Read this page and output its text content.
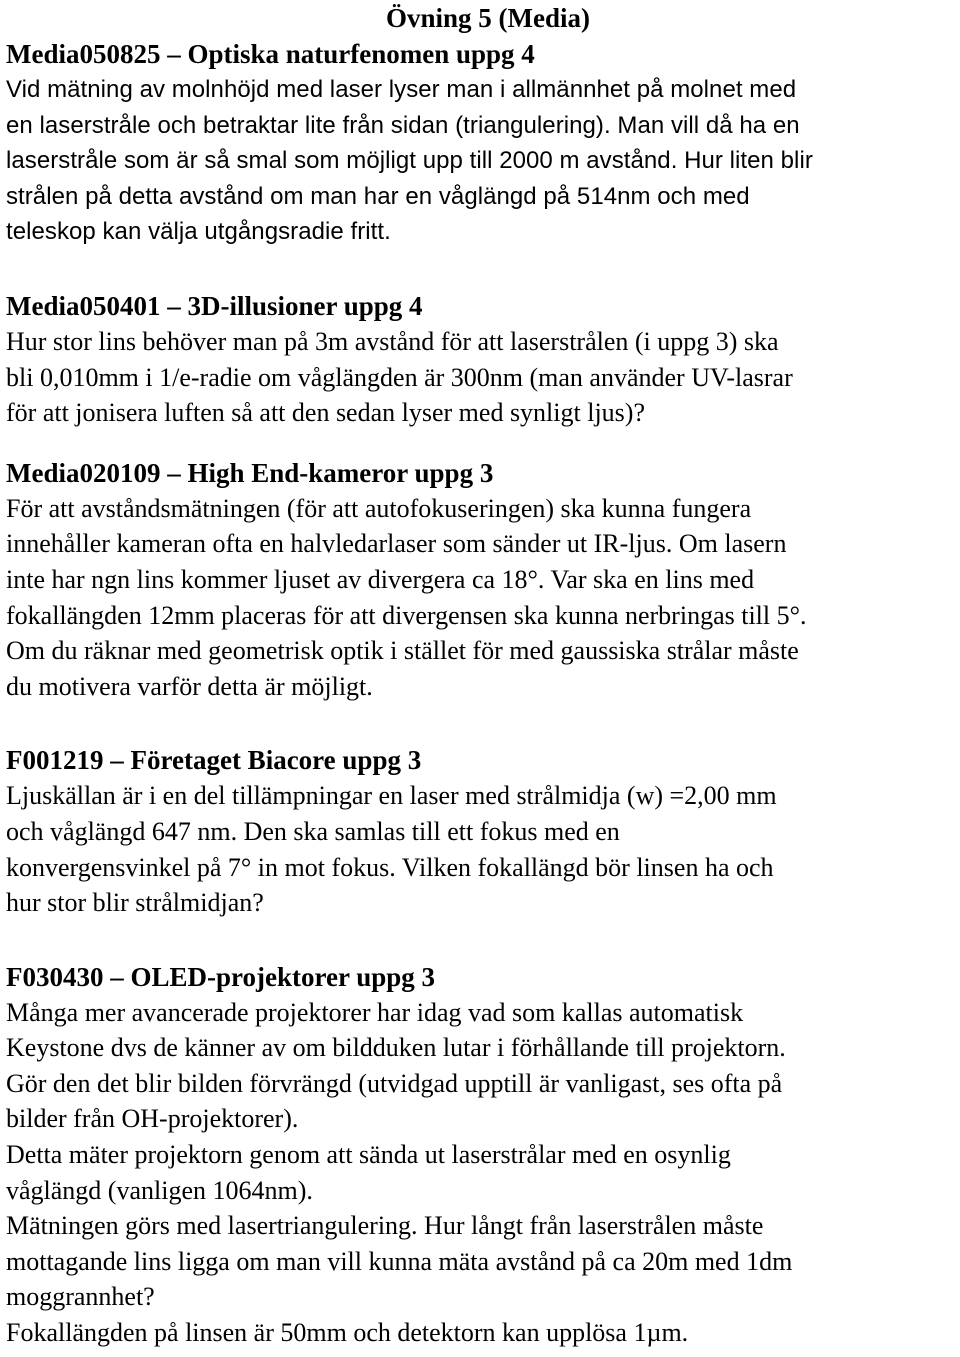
Övning 5 (Media)
Media050825 – Optiska naturfenomen uppg 4

Vid mätning av molnhöjd med laser lyser man i allmännhet på molnet med

en laserstråle och betraktar lite från sidan (triangulering). Man vill då ha en

laserstråle som är så smal som möjligt upp till 2000 m avstånd. Hur liten blir

strålen på detta avstånd om man har en våglängd på 514nm och med

teleskop kan välja utgångsradie fritt.

Media050401 – 3D-illusioner uppg 4

Hur stor lins behöver man på 3m avstånd för att laserstrålen (i uppg 3) ska

bli 0,010mm i 1/e-radie om våglängden är 300nm (man använder UV-lasrar

för att jonisera luften så att den sedan lyser med synligt ljus)?

Media020109 – High End-kameror uppg 3

För att avståndsmätningen (för att autofokuseringen) ska kunna fungera

innehåller kameran ofta en halvledarlaser som sänder ut IR-ljus. Om lasern

inte har ngn lins kommer ljuset av divergera ca 18°. Var ska en lins med

fokallängden 12mm placeras för att divergensen ska kunna nerbringas till 5°.

Om du räknar med geometrisk optik i stället för med gaussiska strålar måste

du motivera varför detta är möjligt.

F001219 – Företaget Biacore uppg 3

Ljuskällan är i en del tillämpningar en laser med strålmidja (w) =2,00 mm

och våglängd 647 nm. Den ska samlas till ett fokus med en

konvergensvinkel på 7° in mot fokus. Vilken fokallängd bör linsen ha och

hur stor blir strålmidjan?

F030430 – OLED-projektorer uppg 3

Många mer avancerade projektorer har idag vad som kallas automatisk

Keystone dvs de känner av om bildduken lutar i förhållande till projektorn.

Gör den det blir bilden förvrängd (utvidgad upptill är vanligast, ses ofta på

bilder från OH-projektorer).

Detta mäter projektorn genom att sända ut laserstrålar med en osynlig

våglängd (vanligen 1064nm).

Mätningen görs med lasertriangulering. Hur långt från laserstrålen måste

mottagande lins ligga om man vill kunna mäta avstånd på ca 20m med 1dm

moggrannhet?

Fokallängden på linsen är 50mm och detektorn kan upplösa 1µm.
